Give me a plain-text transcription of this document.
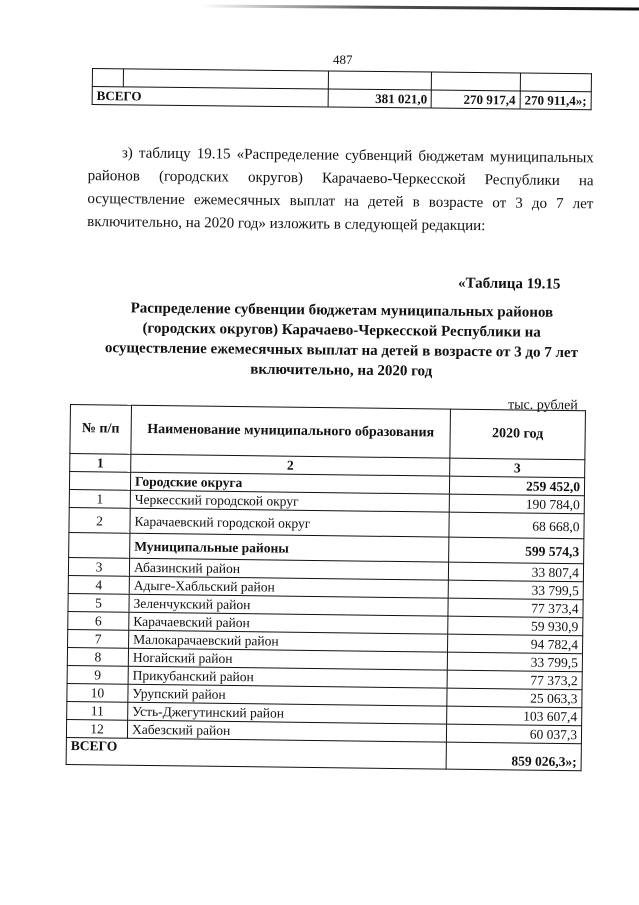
487

ВСЕГО		381 021,0	270 917,4	270 911,4»;
з) таблицу 19.15 «Распределение субвенций бюджетам муниципальных районов (городских округов) Карачаево-Черкесской Республики на осуществление ежемесячных выплат на детей в возрасте от 3 до 7 лет включительно, на 2020 год» изложить в следующей редакции:
«Таблица 19.15
Распределение субвенции бюджетам муниципальных районов
(городских округов) Карачаево-Черкесской Республики на
осуществление ежемесячных выплат на детей в возрасте от 3 до 7 лет
включительно, на 2020 год
тыс. рублей
№ п/п	Наименование муниципального образования	2020 год
1	2	3
	Городские округа	259 452,0
1	Черкесский городской округ	190 784,0
2	Карачаевский городской округ	68 668,0
	Муниципальные районы	599 574,3
3	Абазинский район	33 807,4
4	Адыге-Хабльский район	33 799,5
5	Зеленчукский район	77 373,4
6	Карачаевский район	59 930,9
7	Малокарачаевский район	94 782,4
8	Ногайский район	33 799,5
9	Прикубанский район	77 373,2
10	Урупский район	25 063,3
11	Усть-Джегутинский район	103 607,4
12	Хабезский район	60 037,3
ВСЕГО		859 026,3»;
